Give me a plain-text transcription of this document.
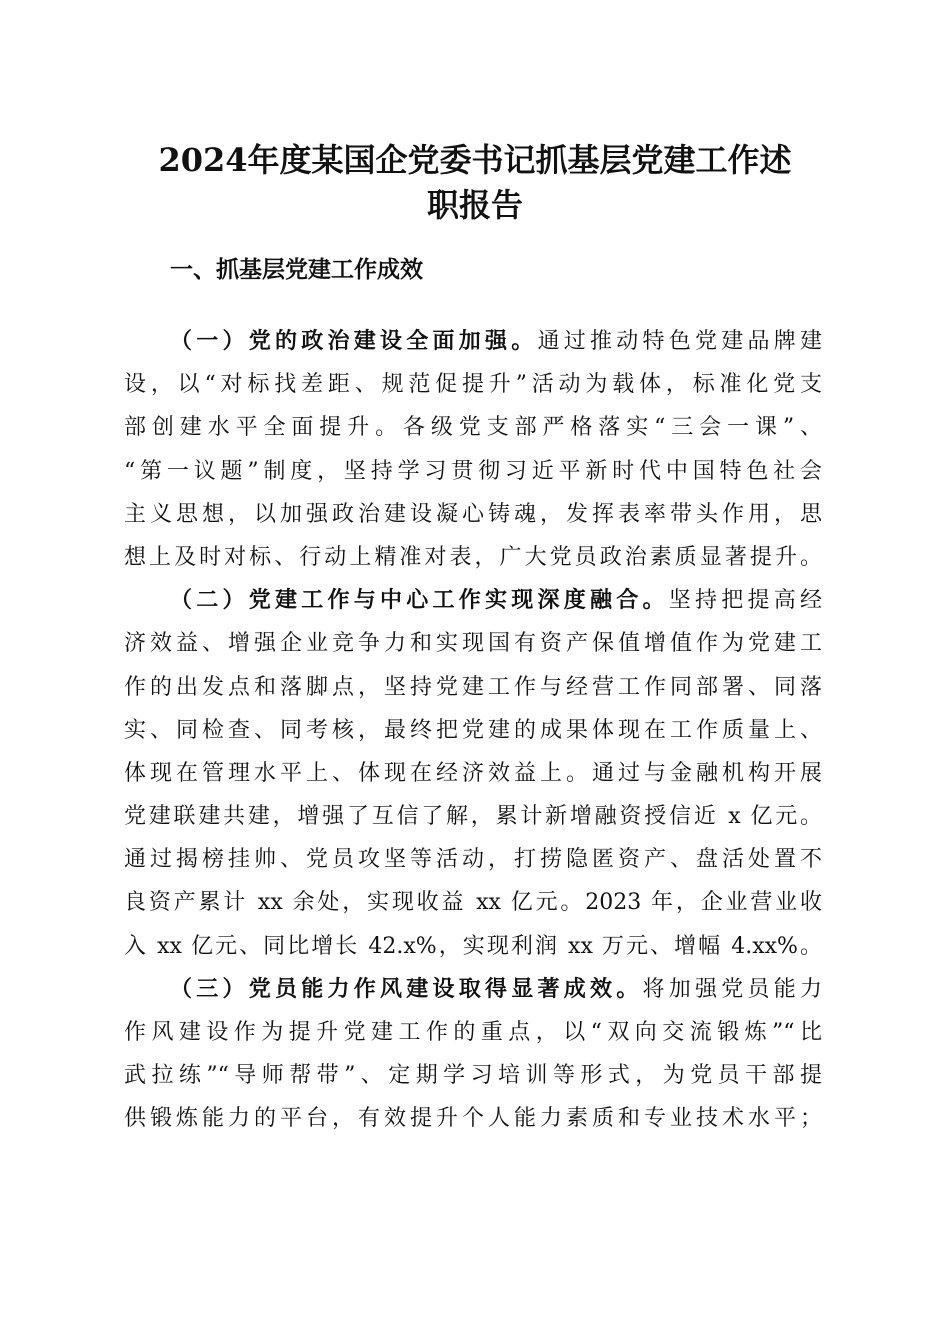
2024年度某国企党委书记抓基层党建工作述
职报告
一、抓基层党建工作成效
（一）党的政治建设全面加强。通过推动特色党建品牌建
设，以“对标找差距、规范促提升”活动为载体，标准化党支
部创建水平全面提升。各级党支部严格落实“三会一课”、
“第一议题”制度，坚持学习贯彻习近平新时代中国特色社会
主义思想，以加强政治建设凝心铸魂，发挥表率带头作用，思
想上及时对标、行动上精准对表，广大党员政治素质显著提升。
（二）党建工作与中心工作实现深度融合。坚持把提高经
济效益、增强企业竞争力和实现国有资产保值增值作为党建工
作的出发点和落脚点，坚持党建工作与经营工作同部署、同落
实、同检查、同考核，最终把党建的成果体现在工作质量上、
体现在管理水平上、体现在经济效益上。通过与金融机构开展
党建联建共建，增强了互信了解，累计新增融资授信近 x 亿元。
通过揭榜挂帅、党员攻坚等活动，打捞隐匿资产、盘活处置不
良资产累计 xx 余处，实现收益 xx 亿元。2023 年，企业营业收
入 xx 亿元、同比增长 42.x%，实现利润 xx 万元、增幅 4.xx%。
（三）党员能力作风建设取得显著成效。将加强党员能力
作风建设作为提升党建工作的重点，以“双向交流锻炼”“比
武拉练”“导师帮带”、定期学习培训等形式，为党员干部提
供锻炼能力的平台，有效提升个人能力素质和专业技术水平；
